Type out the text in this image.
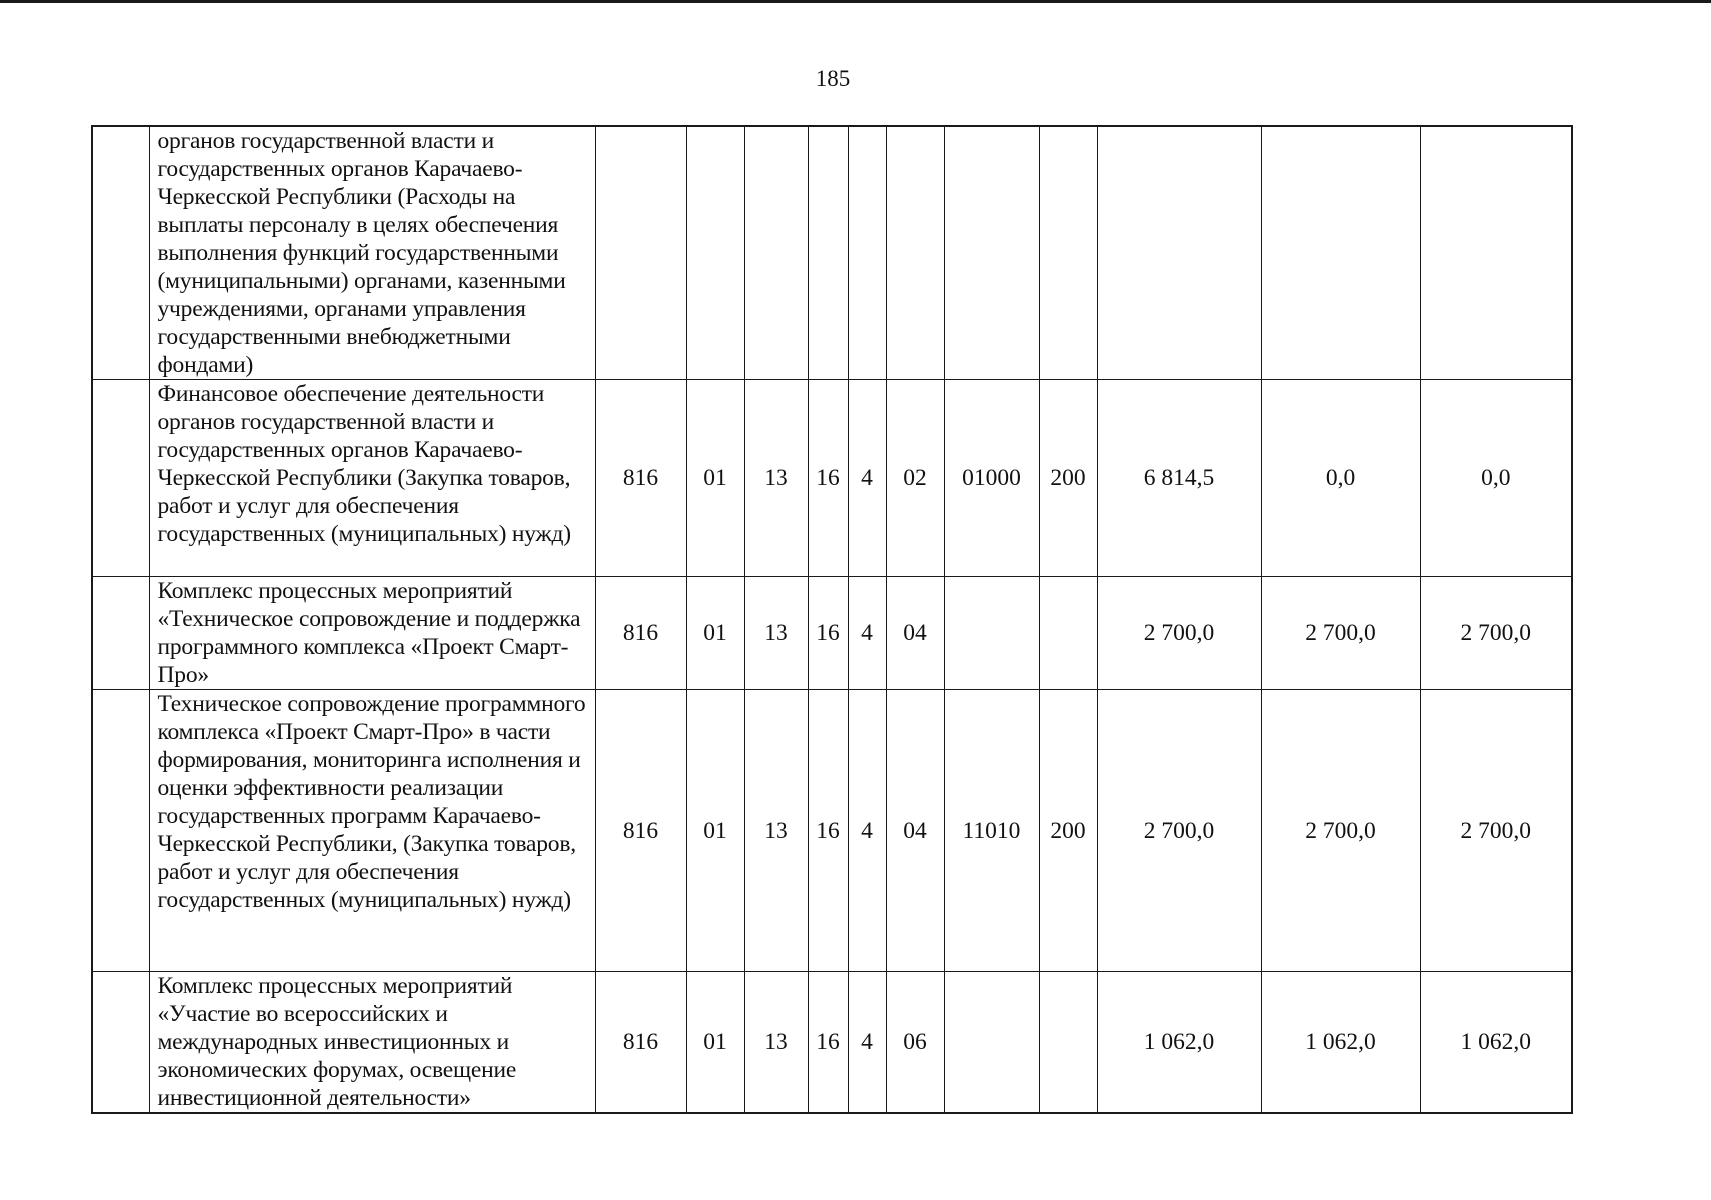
185
	органов государственной власти и государственных органов Карачаево-Черкесской Республики (Расходы на выплаты персоналу в целях обеспечения выполнения функций государственными (муниципальными) органами, казенными учреждениями, органами управления государственными внебюджетными фондами)											
	Финансовое обеспечение деятельности органов государственной власти и государственных органов Карачаево-Черкесской Республики (Закупка товаров, работ и услуг для обеспечения государственных (муниципальных) нужд)	816	01	13	16	4	02	01000	200	6 814,5	0,0	0,0
	Комплекс процессных мероприятий «Техническое сопровождение и поддержка программного комплекса «Проект Смарт-Про»	816	01	13	16	4	04			2 700,0	2 700,0	2 700,0
	Техническое сопровождение программного комплекса «Проект Смарт-Про» в части формирования, мониторинга исполнения и оценки эффективности реализации государственных программ Карачаево-Черкесской Республики, (Закупка товаров, работ и услуг для обеспечения государственных (муниципальных) нужд)	816	01	13	16	4	04	11010	200	2 700,0	2 700,0	2 700,0
	Комплекс процессных мероприятий «Участие во всероссийских и международных инвестиционных и экономических форумах, освещение инвестиционной деятельности»	816	01	13	16	4	06			1 062,0	1 062,0	1 062,0
